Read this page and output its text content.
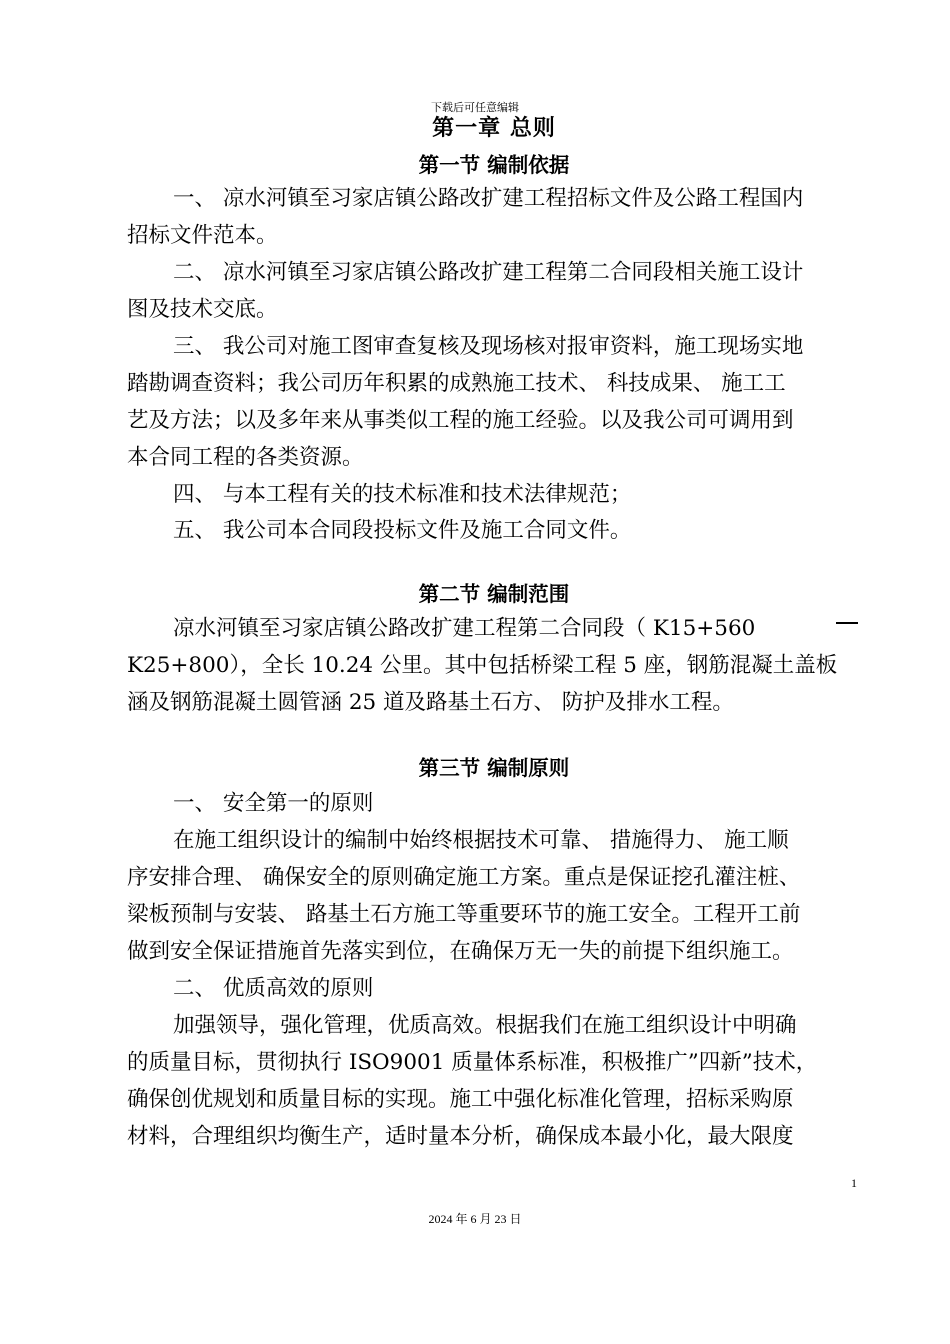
下载后可任意编辑
第一章 总则
第一节 编制依据
一、 凉水河镇至习家店镇公路改扩建工程招标文件及公路工程国内
招标文件范本。
二、 凉水河镇至习家店镇公路改扩建工程第二合同段相关施工设计
图及技术交底。
三、 我公司对施工图审查复核及现场核对报审资料，施工现场实地
踏勘调查资料；我公司历年积累的成熟施工技术、 科技成果、 施工工
艺及方法；以及多年来从事类似工程的施工经验。以及我公司可调用到
本合同工程的各类资源。
四、 与本工程有关的技术标准和技术法律规范；
五、 我公司本合同段投标文件及施工合同文件。
第二节 编制范围
凉水河镇至习家店镇公路改扩建工程第二合同段（ K15+560
K25+800），全长 10.24 公里。其中包括桥梁工程 5 座，钢筋混凝土盖板
涵及钢筋混凝土圆管涵 25 道及路基土石方、 防护及排水工程。
第三节 编制原则
一、 安全第一的原则
在施工组织设计的编制中始终根据技术可靠、 措施得力、 施工顺
序安排合理、 确保安全的原则确定施工方案。重点是保证挖孔灌注桩、
梁板预制与安装、 路基土石方施工等重要环节的施工安全。工程开工前
做到安全保证措施首先落实到位，在确保万无一失的前提下组织施工。
二、 优质高效的原则
加强领导，强化管理，优质高效。根据我们在施工组织设计中明确
的质量目标，贯彻执行 ISO9001 质量体系标准，积极推广”四新”技术，
确保创优规划和质量目标的实现。施工中强化标准化管理，招标采购原
材料，合理组织均衡生产，适时量本分析，确保成本最小化，最大限度
1
2024 年 6 月 23 日
